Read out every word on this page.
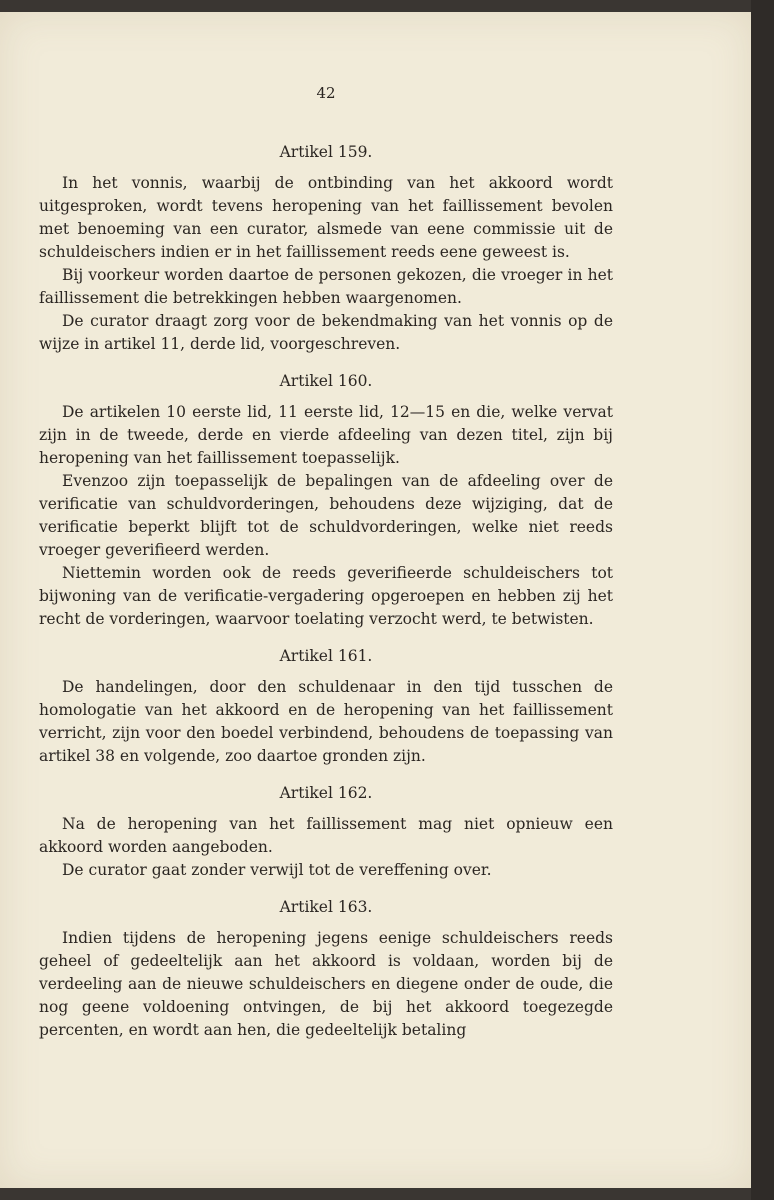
42
Artikel 159.

In het vonnis, waarbij de ontbinding van het akkoord wordt uitgesproken, wordt tevens heropening van het faillissement bevolen met benoeming van een curator, alsmede van eene commissie uit de schuldeischers indien er in het faillissement reeds eene geweest is.

Bij voorkeur worden daartoe de personen gekozen, die vroeger in het faillissement die betrekkingen hebben waargenomen.

De curator draagt zorg voor de bekendmaking van het vonnis op de wijze in artikel 11, derde lid, voorgeschreven.

Artikel 160.

De artikelen 10 eerste lid, 11 eerste lid, 12—15 en die, welke vervat zijn in de tweede, derde en vierde afdeeling van dezen titel, zijn bij heropening van het faillissement toepasselijk.

Evenzoo zijn toepasselijk de bepalingen van de afdeeling over de verificatie van schuldvorderingen, behoudens deze wijziging, dat de verificatie beperkt blijft tot de schuldvorderingen, welke niet reeds vroeger geverifieerd werden.

Niettemin worden ook de reeds geverifieerde schuldeischers tot bijwoning van de verificatie-vergadering opgeroepen en hebben zij het recht de vorderingen, waarvoor toelating verzocht werd, te betwisten.

Artikel 161.

De handelingen, door den schuldenaar in den tijd tusschen de homologatie van het akkoord en de heropening van het faillissement verricht, zijn voor den boedel verbindend, behoudens de toepassing van artikel 38 en volgende, zoo daartoe gronden zijn.

Artikel 162.

Na de heropening van het faillissement mag niet opnieuw een akkoord worden aangeboden.

De curator gaat zonder verwijl tot de vereffening over.

Artikel 163.

Indien tijdens de heropening jegens eenige schuldeischers reeds geheel of gedeeltelijk aan het akkoord is voldaan, worden bij de verdeeling aan de nieuwe schuldeischers en diegene onder de oude, die nog geene voldoening ontvingen, de bij het akkoord toegezegde percenten, en wordt aan hen, die gedeeltelijk betaling
